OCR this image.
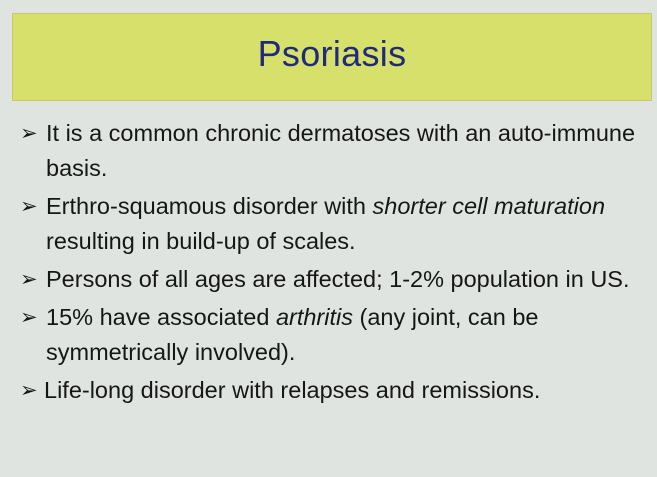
Psoriasis
➢ It is a common chronic dermatoses with an auto-immune basis.
➢ Erthro-squamous disorder with shorter cell maturation resulting in build-up of scales.
➢ Persons of all ages are affected; 1-2% population in US.
➢ 15% have associated arthritis (any joint, can be symmetrically involved).
➢ Life-long disorder with relapses and remissions.
